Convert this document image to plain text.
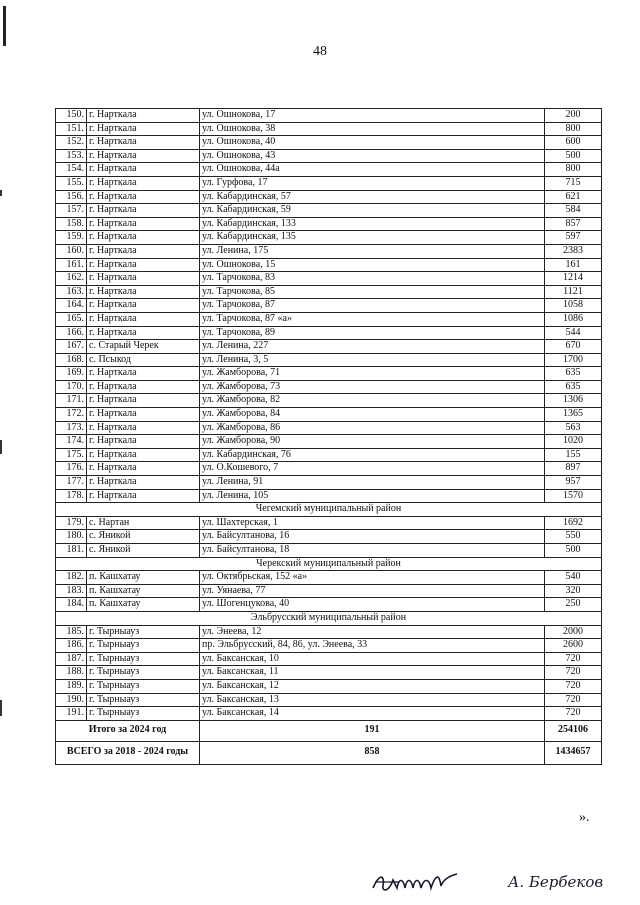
48
150.	г. Нарткала	ул. Ошнокова, 17	200
151.	г. Нарткала	ул. Ошнокова, 38	800
152.	г. Нарткала	ул. Ошнокова, 40	600
153.	г. Нарткала	ул. Ошнокова, 43	500
154.	г. Нарткала	ул. Ошнокова, 44а	800
155.	г. Нарткала	ул. Гурфова, 17	715
156.	г. Нарткала	ул. Кабардинская, 57	621
157.	г. Нарткала	ул. Кабардинская, 59	584
158.	г. Нарткала	ул. Кабардинская, 133	857
159.	г. Нарткала	ул. Кабардинская, 135	597
160.	г. Нарткала	ул. Ленина, 175	2383
161.	г. Нарткала	ул. Ошнокова, 15	161
162.	г. Нарткала	ул. Тарчокова, 83	1214
163.	г. Нарткала	ул. Тарчокова, 85	1121
164.	г. Нарткала	ул. Тарчокова, 87	1058
165.	г. Нарткала	ул. Тарчокова, 87 «а»	1086
166.	г. Нарткала	ул. Тарчокова, 89	544
167.	с. Старый Черек	ул. Ленина, 227	670
168.	с. Псыкод	ул. Ленина, 3, 5	1700
169.	г. Нарткала	ул. Жамборова, 71	635
170.	г. Нарткала	ул. Жамборова, 73	635
171.	г. Нарткала	ул. Жамборова, 82	1306
172.	г. Нарткала	ул. Жамборова, 84	1365
173.	г. Нарткала	ул. Жамборова, 86	563
174.	г. Нарткала	ул. Жамборова, 90	1020
175.	г. Нарткала	ул. Кабардинская, 76	155
176.	г. Нарткала	ул. О.Кошевого, 7	897
177.	г. Нарткала	ул. Ленина, 91	957
178.	г. Нарткала	ул. Ленина, 105	1570
Чегемский муниципальный район			
179.	с. Нартан	ул. Шахтерская, 1	1692
180.	с. Яникой	ул. Байсултанова, 16	550
181.	с. Яникой	ул. Байсултанова, 18	500
Черекский муниципальный район			
182.	п. Кашхатау	ул. Октябрьская, 152 «а»	540
183.	п. Кашхатау	ул. Уянаева, 77	320
184.	п. Кашхатау	ул. Шогенцукова, 40	250
Эльбрусский муниципальный район			
185.	г. Тырныауз	ул. Энеева, 12	2000
186.	г. Тырныауз	пр. Эльбрусский, 84, 86, ул. Энеева, 33	2600
187.	г. Тырныауз	ул. Баксанская, 10	720
188.	г. Тырныауз	ул. Баксанская, 11	720
189.	г. Тырныауз	ул. Баксанская, 12	720
190.	г. Тырныауз	ул. Баксанская, 13	720
191.	г. Тырныауз	ул. Баксанская, 14	720
Итого за 2024 год		191	254106
ВСЕГО за 2018 - 2024 годы		858	1434657
».
А. Бербеков
